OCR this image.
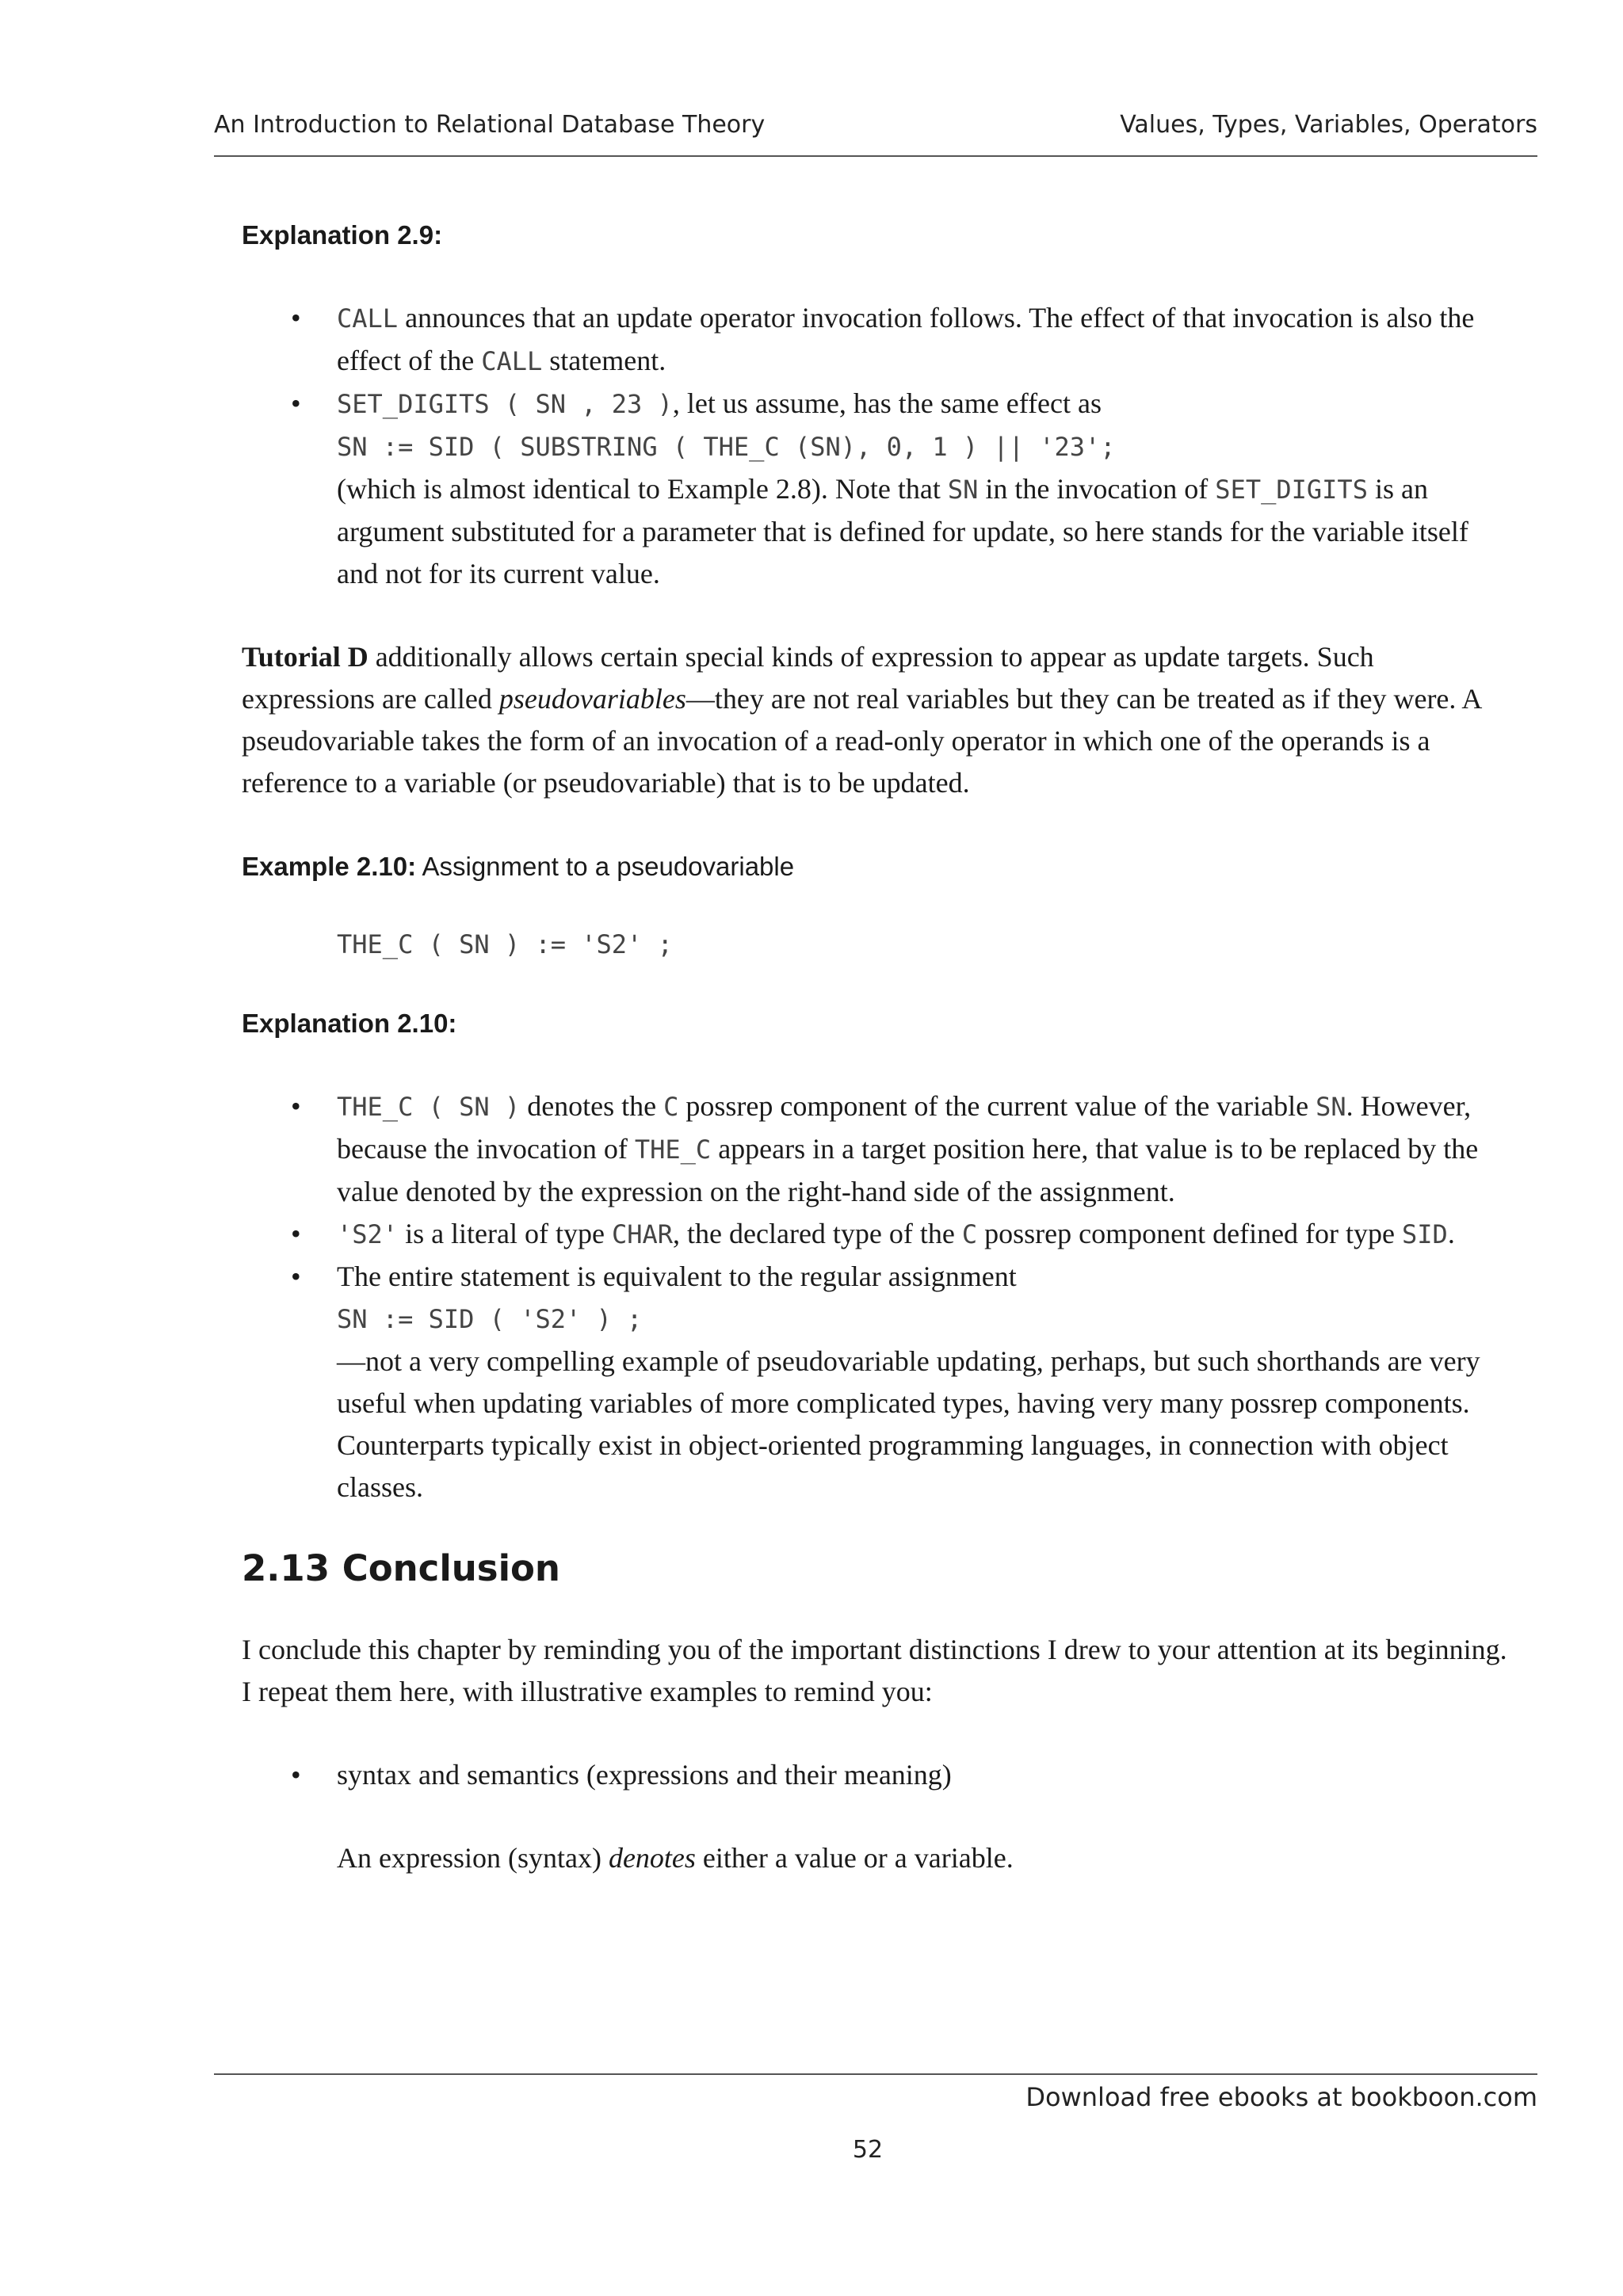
An Introduction to Relational Database Theory	Values, Types, Variables, Operators

Explanation 2.9:

• CALL announces that an update operator invocation follows. The effect of that invocation is also the effect of the CALL statement.
• SET_DIGITS ( SN , 23 ), let us assume, has the same effect as
SN := SID ( SUBSTRING ( THE_C (SN), 0, 1 ) || '23';
(which is almost identical to Example 2.8). Note that SN in the invocation of SET_DIGITS is an argument substituted for a parameter that is defined for update, so here stands for the variable itself and not for its current value.

Tutorial D additionally allows certain special kinds of expression to appear as update targets. Such expressions are called pseudovariables—they are not real variables but they can be treated as if they were. A pseudovariable takes the form of an invocation of a read-only operator in which one of the operands is a reference to a variable (or pseudovariable) that is to be updated.

Example 2.10: Assignment to a pseudovariable

THE_C ( SN ) := 'S2' ;

Explanation 2.10:

• THE_C ( SN ) denotes the C possrep component of the current value of the variable SN. However, because the invocation of THE_C appears in a target position here, that value is to be replaced by the value denoted by the expression on the right-hand side of the assignment.
• 'S2' is a literal of type CHAR, the declared type of the C possrep component defined for type SID.
• The entire statement is equivalent to the regular assignment
SN := SID ( 'S2' ) ;
—not a very compelling example of pseudovariable updating, perhaps, but such shorthands are very useful when updating variables of more complicated types, having very many possrep components. Counterparts typically exist in object-oriented programming languages, in connection with object classes.
2.13 Conclusion

I conclude this chapter by reminding you of the important distinctions I drew to your attention at its beginning. I repeat them here, with illustrative examples to remind you:

• syntax and semantics (expressions and their meaning)

An expression (syntax) denotes either a value or a variable.

Download free ebooks at bookboon.com
52
